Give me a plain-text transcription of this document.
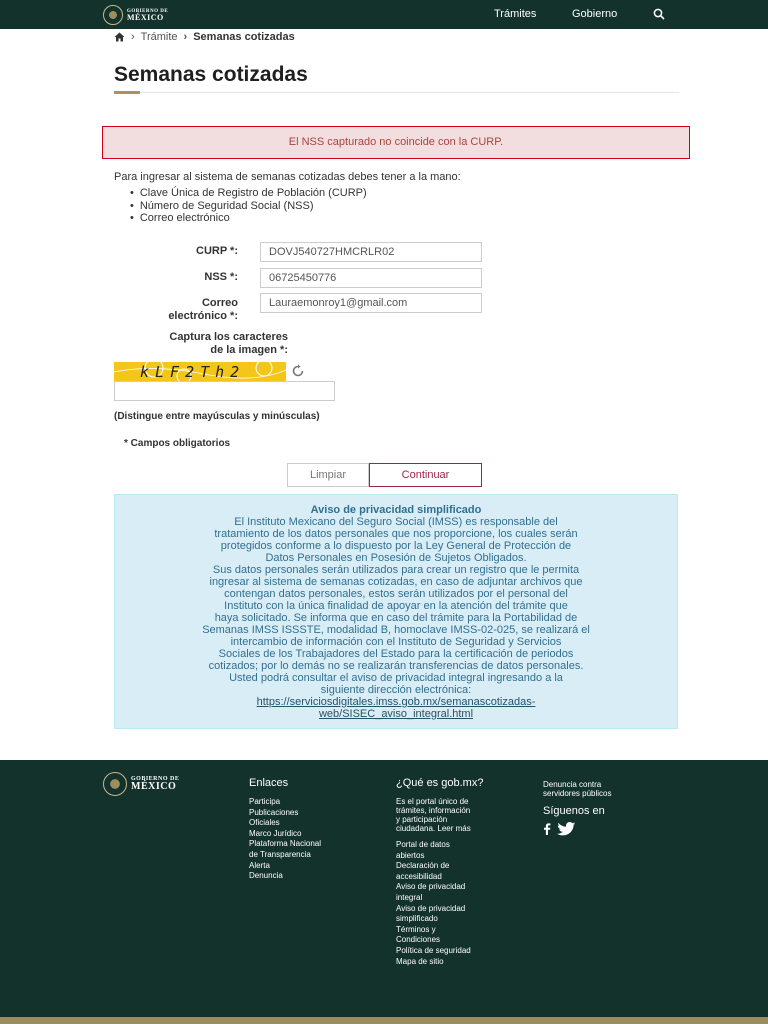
GOBIERNO DE
MÉXICO	Trámites	Gobierno
› Trámite › Semanas cotizadas
Semanas cotizadas
El NSS capturado no coincide con la CURP.

Para ingresar al sistema de semanas cotizadas debes tener a la mano:

• Clave Única de Registro de Población (CURP)
• Número de Seguridad Social (NSS)
• Correo electrónico
CURP *:
DOVJ540727HMCRLR02
NSS *:
06725450776
Correo
electrónico *:
Lauraemonroy1@gmail.com
Captura los caracteres
de la imagen *:
kLF2Th2
(Distingue entre mayúsculas y minúsculas)
* Campos obligatorios
Limpiar	Continuar
Aviso de privacidad simplificado
El Instituto Mexicano del Seguro Social (IMSS) es responsable del
tratamiento de los datos personales que nos proporcione, los cuales serán
protegidos conforme a lo dispuesto por la Ley General de Protección de
Datos Personales en Posesión de Sujetos Obligados.
Sus datos personales serán utilizados para crear un registro que le permita
ingresar al sistema de semanas cotizadas, en caso de adjuntar archivos que
contengan datos personales, estos serán utilizados por el personal del
Instituto con la única finalidad de apoyar en la atención del trámite que
haya solicitado. Se informa que en caso del trámite para la Portabilidad de
Semanas IMSS ISSSTE, modalidad B, homoclave IMSS-02-025, se realizará el
intercambio de información con el Instituto de Seguridad y Servicios
Sociales de los Trabajadores del Estado para la certificación de periodos
cotizados; por lo demás no se realizarán transferencias de datos personales.
Usted podrá consultar el aviso de privacidad integral ingresando a la
siguiente dirección electrónica:
https://serviciosdigitales.imss.gob.mx/semanascotizadas-
web/SISEC_aviso_integral.html
GOBIERNO DE
MÉXICO	Enlaces
Participa
Publicaciones
Oficiales
Marco Jurídico
Plataforma Nacional
de Transparencia
Alerta
Denuncia
¿Qué es gob.mx?
Es el portal único de
trámites, información
y participación
ciudadana. Leer más
Portal de datos
abiertos
Declaración de
accesibilidad
Aviso de privacidad
integral
Aviso de privacidad
simplificado
Términos y
Condiciones
Política de seguridad
Mapa de sitio
Denuncia contra
servidores públicos
Síguenos en
